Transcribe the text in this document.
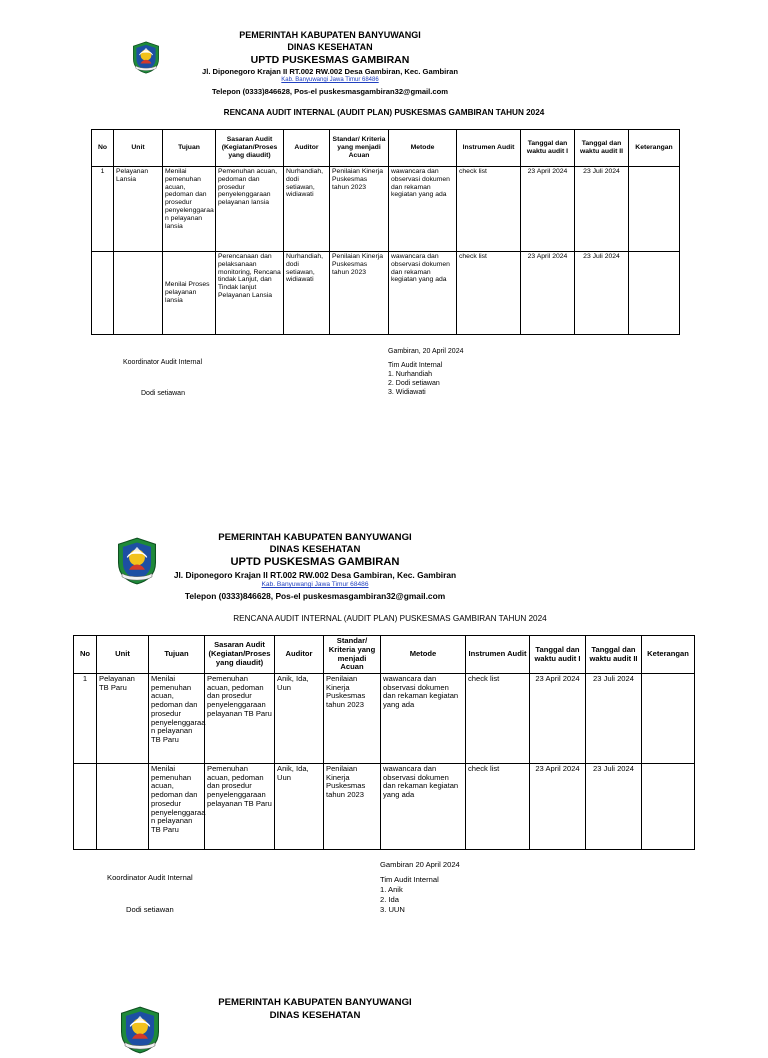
PEMERINTAH KABUPATEN BANYUWANGI
DINAS KESEHATAN
UPTD PUSKESMAS GAMBIRAN
Jl. Diponegoro Krajan II RT.002 RW.002 Desa Gambiran, Kec. Gambiran
Kab. Banyuwangi Jawa Timur 68486
Telepon (0333)846628, Pos-el puskesmasgambiran32@gmail.com
RENCANA AUDIT INTERNAL (AUDIT PLAN) PUSKESMAS GAMBIRAN TAHUN 2024
No	Unit	Tujuan	Sasaran Audit (Kegiatan/Proses yang diaudit)	Auditor	Standar/ Kriteria yang menjadi Acuan	Metode	Instrumen Audit	Tanggal dan waktu audit I	Tanggal dan waktu audit II	Keterangan
1	Pelayanan Lansia	Menilai pemenuhan acuan, pedoman dan prosedur penyelenggaraa n pelayanan lansia	Pemenuhan acuan, pedoman dan prosedur penyelenggaraan pelayanan lansia	Nurhandiah, dodi setiawan, widiawati	Penilaian Kinerja Puskesmas tahun 2023	wawancara dan observasi dokumen dan rekaman kegiatan yang ada	check list	23 April 2024	23 Juli 2024	
		Menilai Proses pelayanan lansia	Perencanaan dan pelaksanaan monitoring, Rencana tindak Lanjut, dan Tindak lanjut Pelayanan Lansia	Nurhandiah, dodi setiawan, widiawati	Penilaian Kinerja Puskesmas tahun 2023	wawancara dan observasi dokumen dan rekaman kegiatan yang ada	check list	23 April 2024	23 Juli 2024	
Koordinator Audit Internal
Dodi setiawan
Gambiran, 20 April 2024
Tim Audit Internal
1. Nurhandiah
2. Dodi setiawan
3. Widiawati
PEMERINTAH KABUPATEN BANYUWANGI
DINAS KESEHATAN
UPTD PUSKESMAS GAMBIRAN
Jl. Diponegoro Krajan II RT.002 RW.002 Desa Gambiran, Kec. Gambiran
Kab. Banyuwangi Jawa Timur 68486
Telepon (0333)846628, Pos-el puskesmasgambiran32@gmail.com
RENCANA AUDIT INTERNAL (AUDIT PLAN) PUSKESMAS GAMBIRAN TAHUN 2024
No	Unit	Tujuan	Sasaran Audit (Kegiatan/Proses yang diaudit)	Auditor	Standar/ Kriteria yang menjadi Acuan	Metode	Instrumen Audit	Tanggal dan waktu audit I	Tanggal dan waktu audit II	Keterangan
1	Pelayanan TB Paru	Menilai pemenuhan acuan, pedoman dan prosedur penyelenggaraa n pelayanan TB Paru	Pemenuhan acuan, pedoman dan prosedur penyelenggaraan pelayanan TB Paru	Anik, Ida, Uun	Penilaian Kinerja Puskesmas tahun 2023	wawancara dan observasi dokumen dan rekaman kegiatan yang ada	check list	23 April 2024	23 Juli 2024	
		Menilai pemenuhan acuan, pedoman dan prosedur penyelenggaraa n pelayanan TB Paru	Pemenuhan acuan, pedoman dan prosedur penyelenggaraan pelayanan TB Paru	Anik, Ida, Uun	Penilaian Kinerja Puskesmas tahun 2023	wawancara dan observasi dokumen dan rekaman kegiatan yang ada	check list	23 April 2024	23 Juli 2024	
Koordinator Audit Internal
Dodi setiawan
Gambiran 20 April 2024
Tim Audit Internal
1. Anik
2. Ida
3. UUN
PEMERINTAH KABUPATEN BANYUWANGI
DINAS KESEHATAN
